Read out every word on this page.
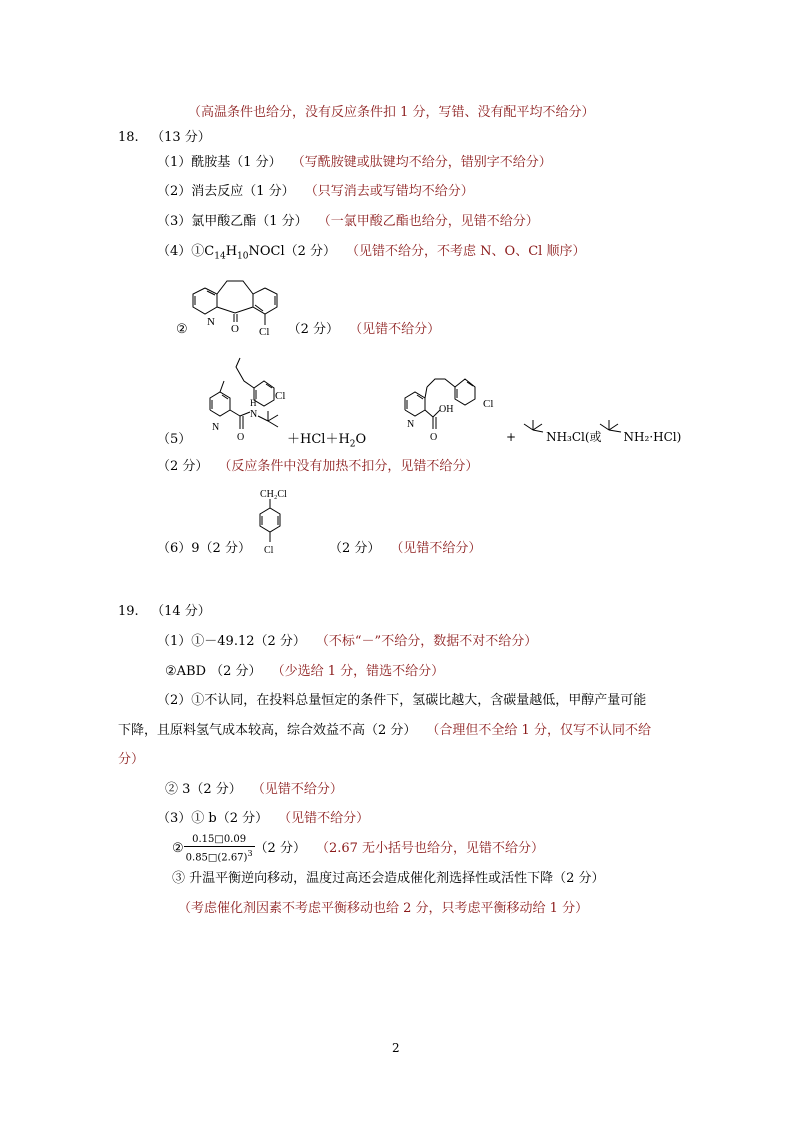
（高温条件也给分，没有反应条件扣 1 分，写错、没有配平均不给分）
18.   （13 分）
（1）酰胺基（1 分） （写酰胺键或肽键均不给分，错别字不给分）
（2）消去反应（1 分） （只写消去或写错均不给分）
（3）氯甲酸乙酯（1 分） （一氯甲酸乙酯也给分，见错不给分）
$(4)①C_{14}H_{10}NOCl(2$ 分） （见错不给分，不考虑 N、O、Cl 顺序）
N
O Cl
②	（2 分） （见错不给分）
Cl
H
N
N
O
Cl
OH
N
O
（5）	$+HCl+H_2O$	+	NH₃Cl(或 NH₂·HCl)
（2 分） （反应条件中没有加热不扣分，见错不给分）
CH₂Cl
Cl
（6）9（2 分）	（2 分） （见错不给分）
19.   （14 分）
（1）①－49.12（2 分） （不标“－”不给分，数据不对不给分）
②ABD （2 分） （少选给 1 分，错选不给分）
（2）①不认同，在投料总量恒定的条件下，氢碳比越大，含碳量越低，甲醇产量可能
下降，且原料氢气成本较高，综合效益不高（2 分） （合理但不全给 1 分，仅写不认同不给
分）
② 3（2 分） （见错不给分）
（3）① b（2 分） （见错不给分）
② $\frac{0.15□0.09}{0.85□(2.67)^3} (2$ 分） （2.67 无小括号也给分，见错不给分）
③ 升温平衡逆向移动，温度过高还会造成催化剂选择性或活性下降（2 分）
（考虑催化剂因素不考虑平衡移动也给 2 分，只考虑平衡移动给 1 分）
2
